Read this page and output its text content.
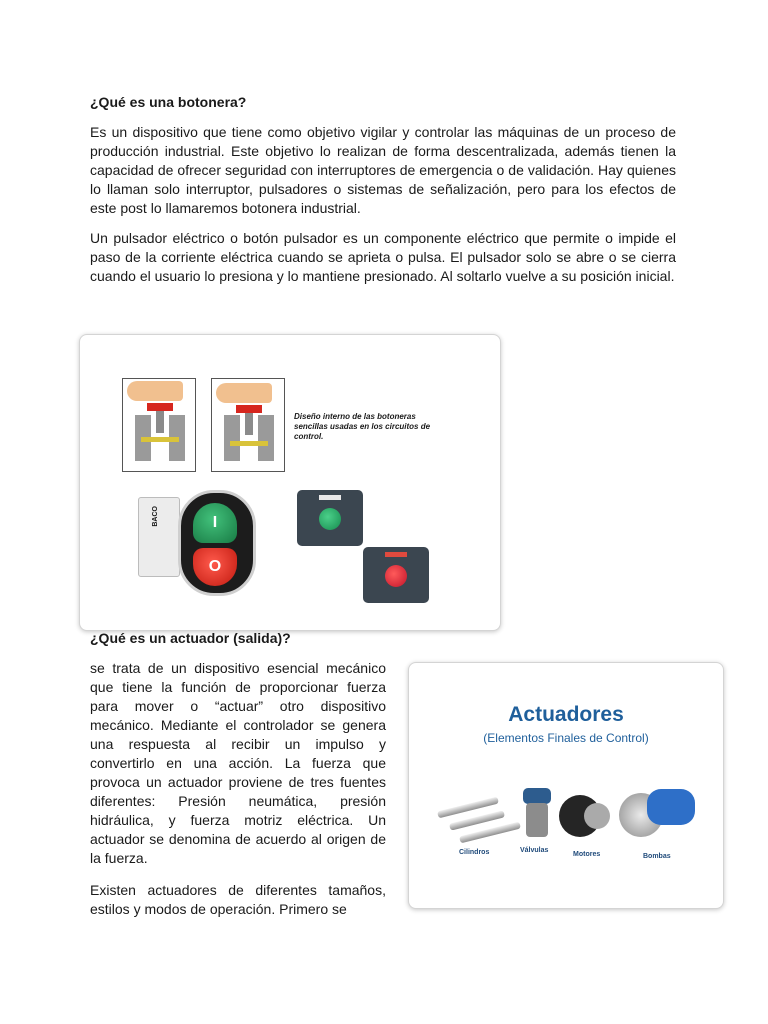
¿Qué es una botonera?

Es un dispositivo que tiene como objetivo vigilar y controlar las máquinas de un proceso de producción industrial. Este objetivo lo realizan de forma descentralizada, además tienen la capacidad de ofrecer seguridad con interruptores de emergencia o de validación. Hay quienes lo llaman solo interruptor, pulsadores o sistemas de señalización, pero para los efectos de este post lo llamaremos botonera industrial.

Un pulsador eléctrico o botón pulsador es un componente eléctrico que permite o impide el paso de la corriente eléctrica cuando se aprieta o pulsa. El pulsador solo se abre o se cierra cuando el usuario lo presiona y lo mantiene presionado. Al soltarlo vuelve a su posición inicial.

Diseño interno de las botoneras sencillas usadas en los circuitos de control.

BACO	I
O

¿Qué es un actuador (salida)?

se trata de un dispositivo esencial mecánico que tiene la función de proporcionar fuerza para mover o “actuar” otro dispositivo mecánico. Mediante el controlador se genera una respuesta al recibir un impulso y convertirlo en una acción. La fuerza que provoca un actuador proviene de tres fuentes diferentes: Presión neumática, presión hidráulica, y fuerza motriz eléctrica. Un actuador se denomina de acuerdo al origen de la fuerza.

Existen actuadores de diferentes tamaños, estilos y modos de operación. Primero se

Actuadores

(Elementos Finales de Control)

Cilindros	Válvulas

Motores	Bombas
